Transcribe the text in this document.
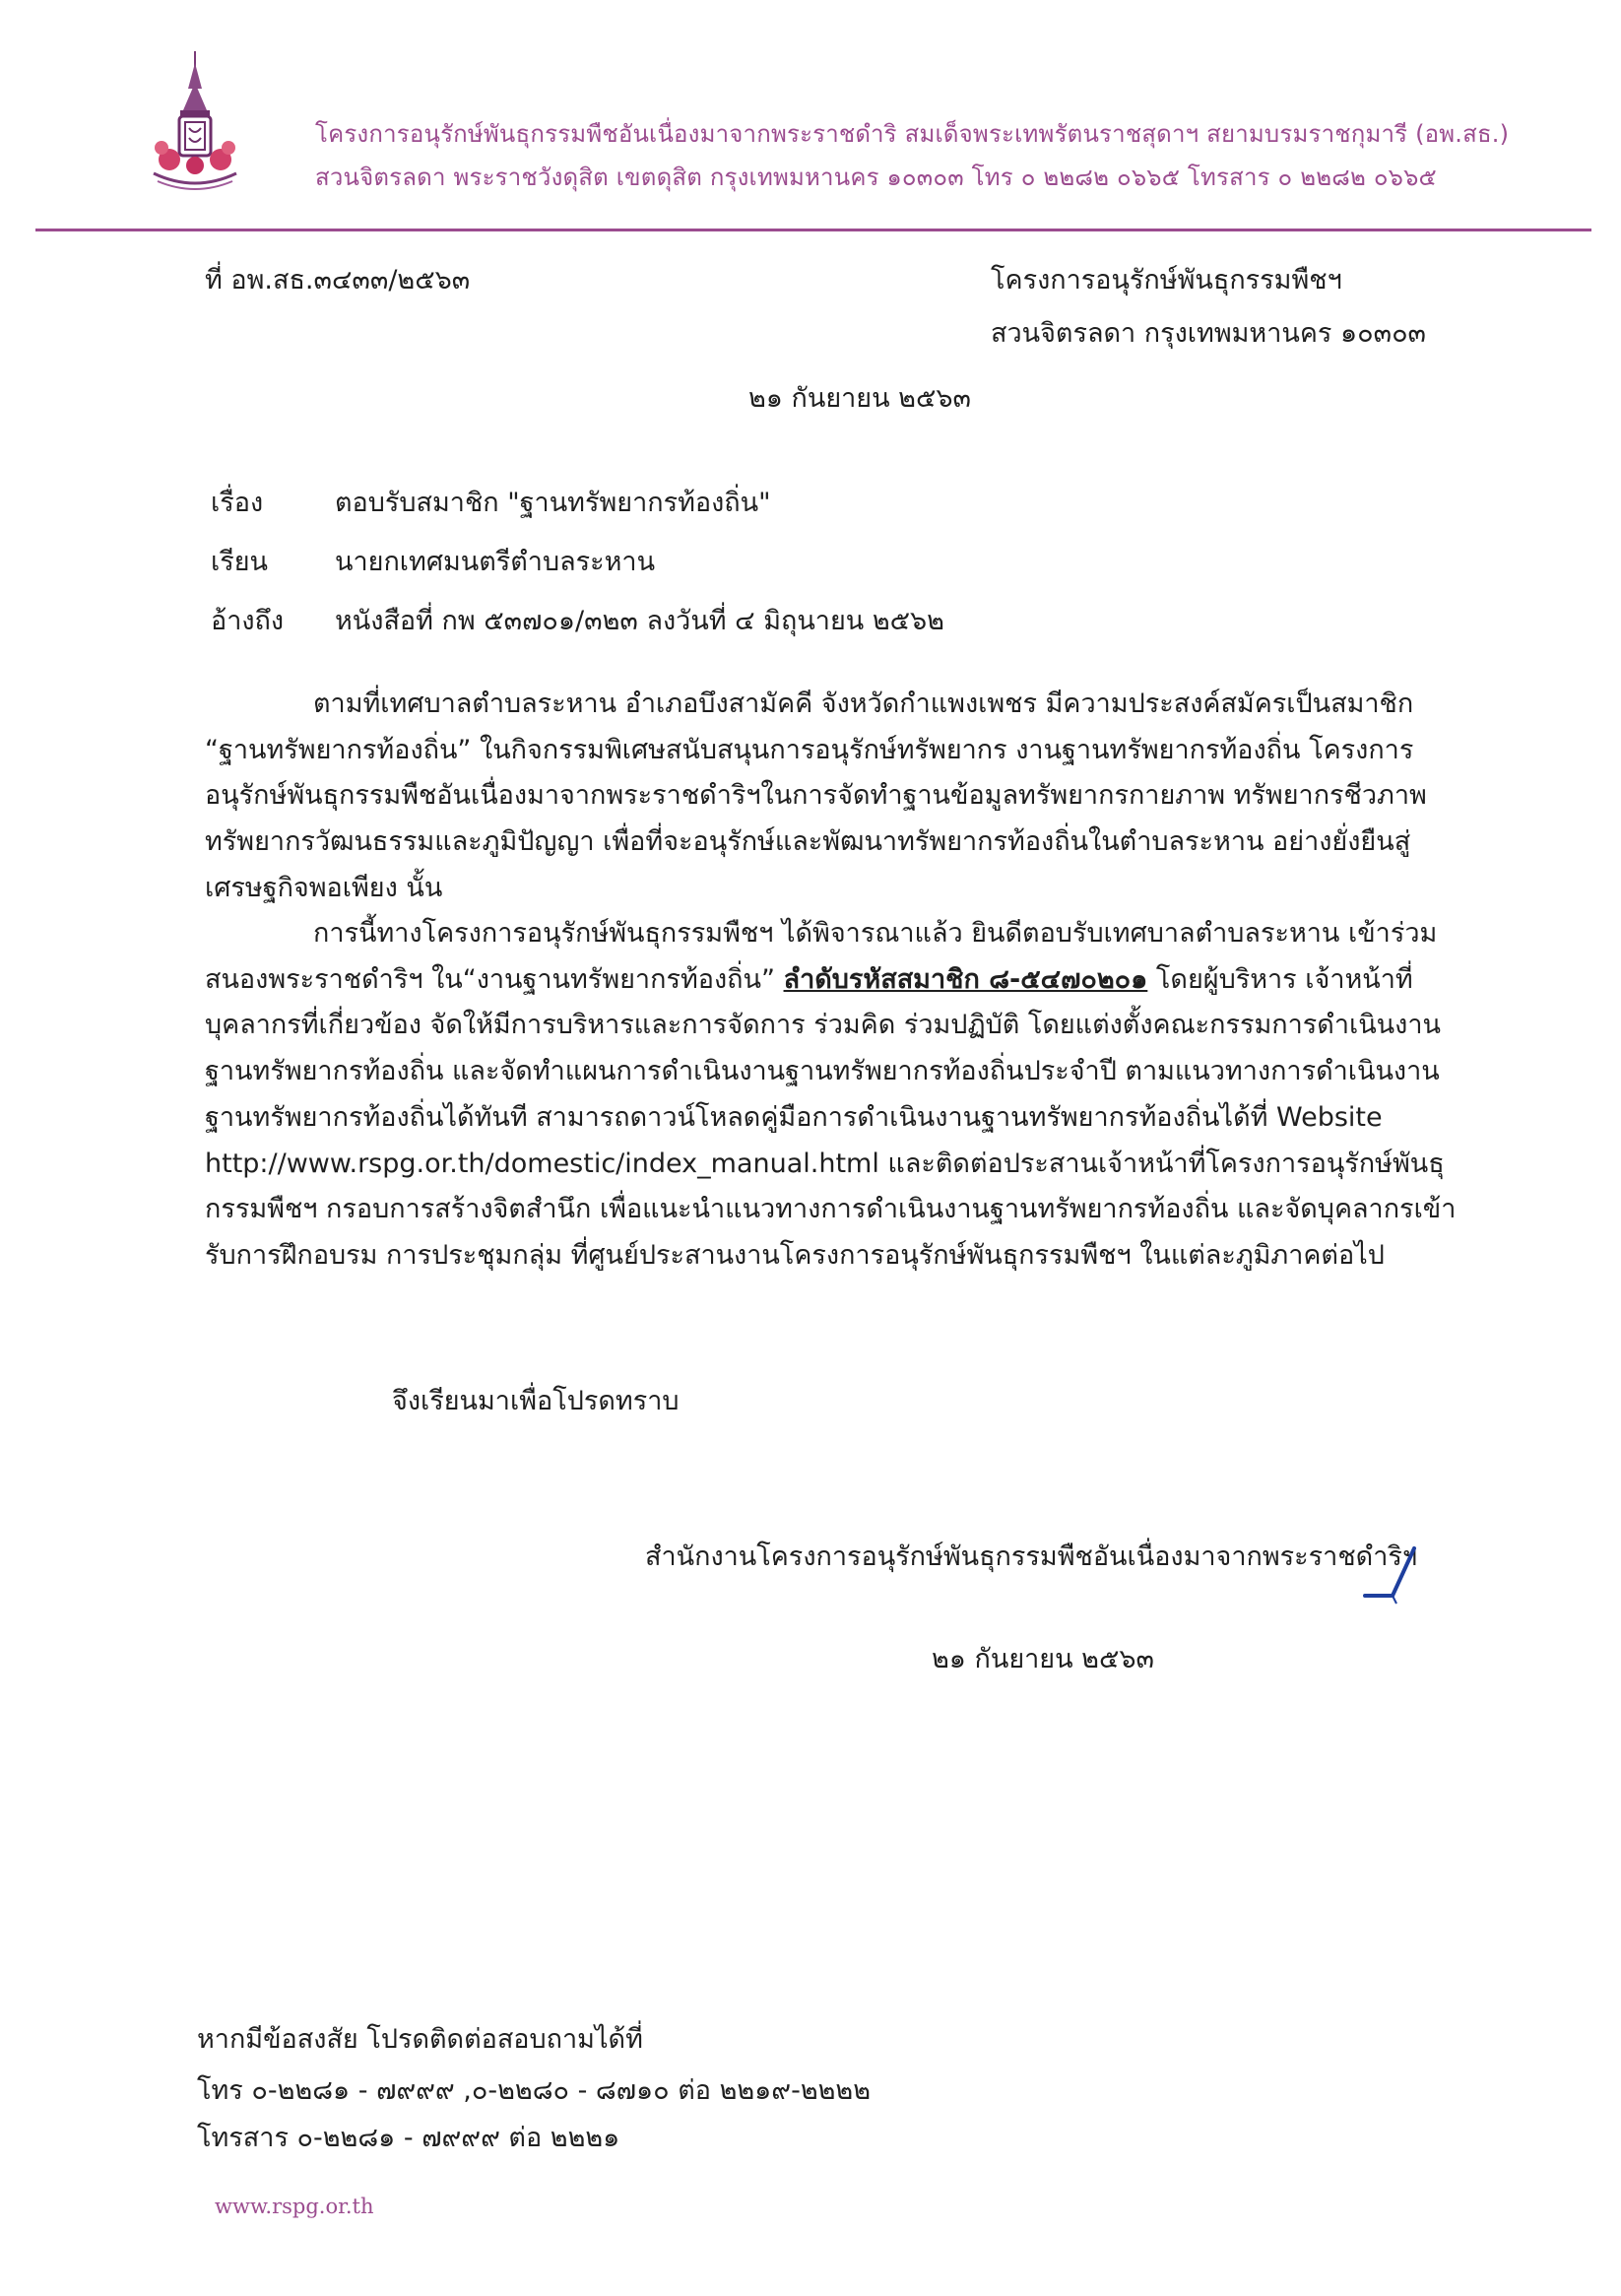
โครงการอนุรักษ์พันธุกรรมพืชอันเนื่องมาจากพระราชดำริ สมเด็จพระเทพรัตนราชสุดาฯ สยามบรมราชกุมารี (อพ.สธ.)
สวนจิตรลดา พระราชวังดุสิต เขตดุสิต กรุงเทพมหานคร ๑๐๓๐๓ โทร ๐ ๒๒๘๒ ๐๖๖๕ โทรสาร ๐ ๒๒๘๒ ๐๖๖๕
ที่ อพ.สธ.๓๔๓๓/๒๕๖๓	โครงการอนุรักษ์พันธุกรรมพืชฯ
สวนจิตรลดา กรุงเทพมหานคร ๑๐๓๐๓
๒๑ กันยายน ๒๕๖๓
เรื่อง	ตอบรับสมาชิก "ฐานทรัพยากรท้องถิ่น"
เรียน	นายกเทศมนตรีตำบลระหาน
อ้างถึง หนังสือที่ กพ ๕๓๗๐๑/๓๒๓ ลงวันที่ ๔ มิถุนายน ๒๕๖๒
ตามที่เทศบาลตำบลระหาน อำเภอบึงสามัคคี จังหวัดกำแพงเพชร มีความประสงค์สมัครเป็นสมาชิก “ฐานทรัพยากรท้องถิ่น” ในกิจกรรมพิเศษสนับสนุนการอนุรักษ์ทรัพยากร งานฐานทรัพยากรท้องถิ่น โครงการอนุรักษ์พันธุกรรมพืชอันเนื่องมาจากพระราชดำริฯในการจัดทำฐานข้อมูลทรัพยากรกายภาพ ทรัพยากรชีวภาพ ทรัพยากรวัฒนธรรมและภูมิปัญญา เพื่อที่จะอนุรักษ์และพัฒนาทรัพยากรท้องถิ่นในตำบลระหาน อย่างยั่งยืนสู่เศรษฐกิจพอเพียง นั้น
การนี้ทางโครงการอนุรักษ์พันธุกรรมพืชฯ ได้พิจารณาแล้ว ยินดีตอบรับเทศบาลตำบลระหาน เข้าร่วมสนองพระราชดำริฯ ใน“งานฐานทรัพยากรท้องถิ่น” ลำดับรหัสสมาชิก ๘-๕๔๗๐๒๐๑ โดยผู้บริหาร เจ้าหน้าที่บุคลากรที่เกี่ยวข้อง จัดให้มีการบริหารและการจัดการ ร่วมคิด ร่วมปฏิบัติ โดยแต่งตั้งคณะกรรมการดำเนินงานฐานทรัพยากรท้องถิ่น และจัดทำแผนการดำเนินงานฐานทรัพยากรท้องถิ่นประจำปี ตามแนวทางการดำเนินงานฐานทรัพยากรท้องถิ่นได้ทันที สามารถดาวน์โหลดคู่มือการดำเนินงานฐานทรัพยากรท้องถิ่นได้ที่ Website http://www.rspg.or.th/domestic/index_manual.html และติดต่อประสานเจ้าหน้าที่โครงการอนุรักษ์พันธุกรรมพืชฯ กรอบการสร้างจิตสำนึก เพื่อแนะนำแนวทางการดำเนินงานฐานทรัพยากรท้องถิ่น และจัดบุคลากรเข้ารับการฝึกอบรม การประชุมกลุ่ม ที่ศูนย์ประสานงานโครงการอนุรักษ์พันธุกรรมพืชฯ ในแต่ละภูมิภาคต่อไป
จึงเรียนมาเพื่อโปรดทราบ
สำนักงานโครงการอนุรักษ์พันธุกรรมพืชอันเนื่องมาจากพระราชดำริฯ
๒๑ กันยายน ๒๕๖๓
หากมีข้อสงสัย โปรดติดต่อสอบถามได้ที่
โทร ๐-๒๒๘๑ - ๗๙๙๙ ,๐-๒๒๘๐ - ๘๗๑๐ ต่อ ๒๒๑๙-๒๒๒๒
โทรสาร ๐-๒๒๘๑ - ๗๙๙๙ ต่อ ๒๒๒๑
www.rspg.or.th
